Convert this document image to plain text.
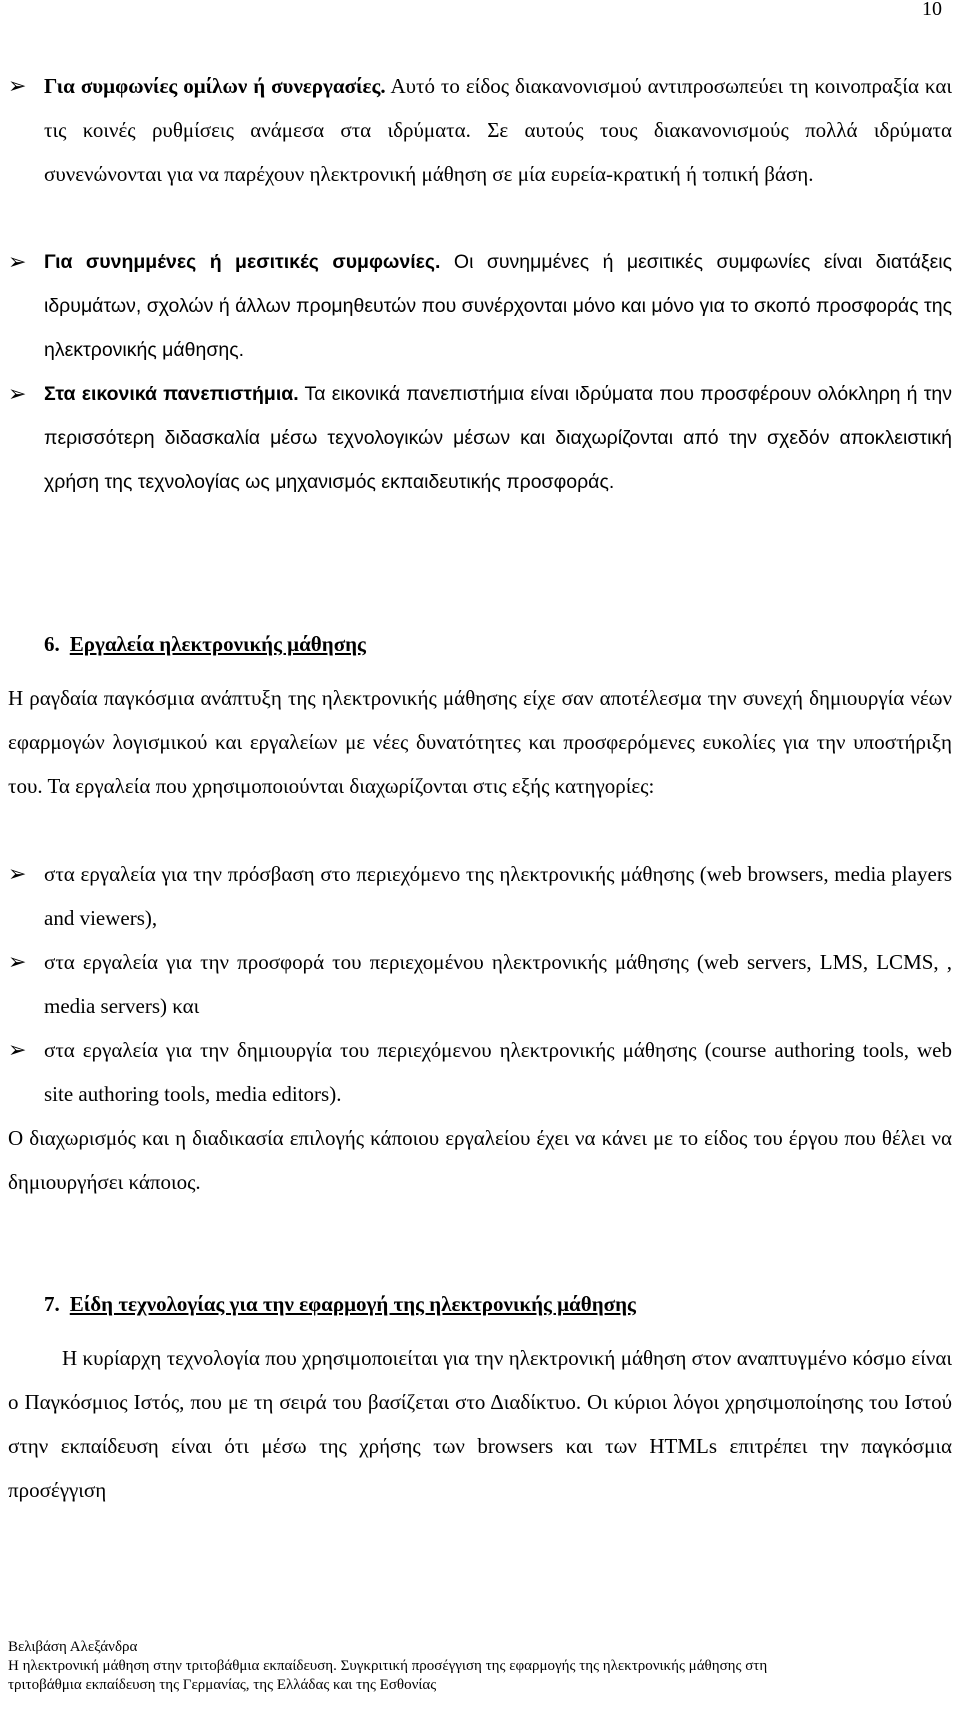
10
➢ Για συμφωνίες ομίλων ή συνεργασίες. Αυτό το είδος διακανονισμού αντιπροσωπεύει τη κοινοπραξία και τις κοινές ρυθμίσεις ανάμεσα στα ιδρύματα. Σε αυτούς τους διακανονισμούς πολλά ιδρύματα συνενώνονται για να παρέχουν ηλεκτρονική μάθηση σε μία ευρεία-κρατική ή τοπική βάση.
➢ Για συνημμένες ή μεσιτικές συμφωνίες. Οι συνημμένες ή μεσιτικές συμφωνίες είναι διατάξεις ιδρυμάτων, σχολών ή άλλων προμηθευτών που συνέρχονται μόνο και μόνο για το σκοπό προσφοράς της ηλεκτρονικής μάθησης.
➢ Στα εικονικά πανεπιστήμια. Τα εικονικά πανεπιστήμια είναι ιδρύματα που προσφέρουν ολόκληρη ή την περισσότερη διδασκαλία μέσω τεχνολογικών μέσων και διαχωρίζονται από την σχεδόν αποκλειστική χρήση της τεχνολογίας ως μηχανισμός εκπαιδευτικής προσφοράς.
6. Εργαλεία ηλεκτρονικής μάθησης
Η ραγδαία παγκόσμια ανάπτυξη της ηλεκτρονικής μάθησης είχε σαν αποτέλεσμα την συνεχή δημιουργία νέων εφαρμογών λογισμικού και εργαλείων με νέες δυνατότητες και προσφερόμενες ευκολίες για την υποστήριξη του. Τα εργαλεία που χρησιμοποιούνται διαχωρίζονται στις εξής κατηγορίες:
➢ στα εργαλεία για την πρόσβαση στο περιεχόμενο της ηλεκτρονικής μάθησης (web browsers, media players and viewers),
➢ στα εργαλεία για την προσφορά του περιεχομένου ηλεκτρονικής μάθησης (web servers, LMS, LCMS, , media servers) και
➢ στα εργαλεία για την δημιουργία του περιεχόμενου ηλεκτρονικής μάθησης (course authoring tools, web site authoring tools, media editors).
Ο διαχωρισμός και η διαδικασία επιλογής κάποιου εργαλείου έχει να κάνει με το είδος του έργου που θέλει να δημιουργήσει κάποιος.
7. Είδη τεχνολογίας για την εφαρμογή της ηλεκτρονικής μάθησης
Η κυρίαρχη τεχνολογία που χρησιμοποιείται για την ηλεκτρονική μάθηση στον αναπτυγμένο κόσμο είναι ο Παγκόσμιος Ιστός, που με τη σειρά του βασίζεται στο Διαδίκτυο. Οι κύριοι λόγοι χρησιμοποίησης του Ιστού στην εκπαίδευση είναι ότι μέσω της χρήσης των browsers και των HTMLs επιτρέπει την παγκόσμια προσέγγιση
Βελιβάση Αλεξάνδρα
Η ηλεκτρονική μάθηση στην τριτοβάθμια εκπαίδευση. Συγκριτική προσέγγιση της εφαρμογής της ηλεκτρονικής μάθησης στη
τριτοβάθμια εκπαίδευση της Γερμανίας, της Ελλάδας και της Εσθονίας
